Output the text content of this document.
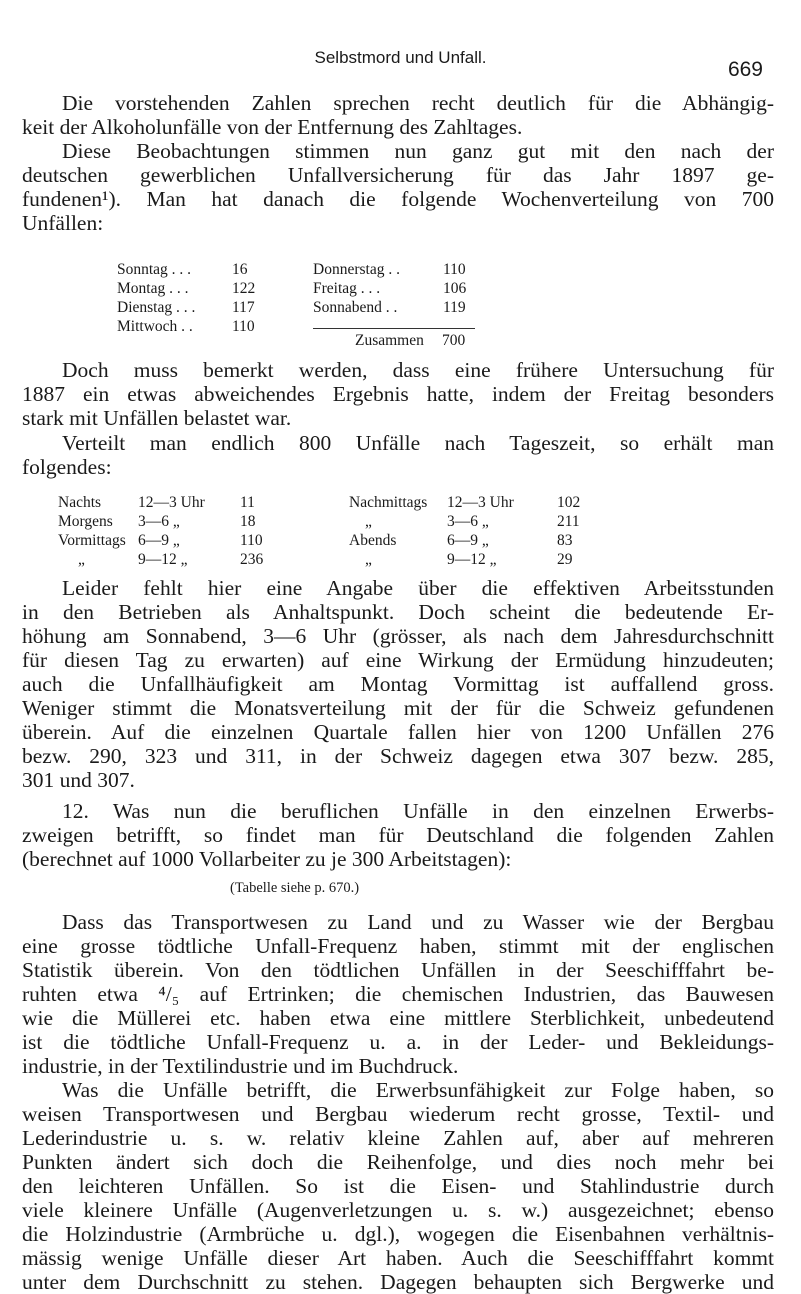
Selbstmord und Unfall.
669
Die vorstehenden Zahlen sprechen recht deutlich für die Abhängig-
keit der Alkoholunfälle von der Entfernung des Zahltages.
Diese Beobachtungen stimmen nun ganz gut mit den nach der
deutschen gewerblichen Unfallversicherung für das Jahr 1897 ge-
fundenen¹). Man hat danach die folgende Wochenverteilung von 700
Unfällen:
Sonntag . . .	16
Montag . . .	122
Dienstag . . .	117
Mittwoch . .	110
Donnerstag . .	110
Freitag . . .	106
Sonnabend . .	119
Zusammen	700
Doch muss bemerkt werden, dass eine frühere Untersuchung für
1887 ein etwas abweichendes Ergebnis hatte, indem der Freitag besonders
stark mit Unfällen belastet war.
Verteilt man endlich 800 Unfälle nach Tageszeit, so erhält man
folgendes:
Nachts	12—3 Uhr	11
Morgens	3—6 „	18
Vormittags 6—9 „	110
„	9—12 „	236
Nachmittags	12—3 Uhr	102
„	3—6 „	211
Abends	6—9 „	83
„	9—12 „	29
Leider fehlt hier eine Angabe über die effektiven Arbeitsstunden
in den Betrieben als Anhaltspunkt. Doch scheint die bedeutende Er-
höhung am Sonnabend, 3—6 Uhr (grösser, als nach dem Jahresdurchschnitt
für diesen Tag zu erwarten) auf eine Wirkung der Ermüdung hinzudeuten;
auch die Unfallhäufigkeit am Montag Vormittag ist auffallend gross.
Weniger stimmt die Monatsverteilung mit der für die Schweiz gefundenen
überein. Auf die einzelnen Quartale fallen hier von 1200 Unfällen 276
bezw. 290, 323 und 311, in der Schweiz dagegen etwa 307 bezw. 285,
301 und 307.
12. Was nun die beruflichen Unfälle in den einzelnen Erwerbs-
zweigen betrifft, so findet man für Deutschland die folgenden Zahlen
(berechnet auf 1000 Vollarbeiter zu je 300 Arbeitstagen):
(Tabelle siehe p. 670.)
Dass das Transportwesen zu Land und zu Wasser wie der Bergbau
eine grosse tödtliche Unfall-Frequenz haben, stimmt mit der englischen
Statistik überein. Von den tödtlichen Unfällen in der Seeschifffahrt be-
ruhten etwa ⁴/₅ auf Ertrinken; die chemischen Industrien, das Bauwesen
wie die Müllerei etc. haben etwa eine mittlere Sterblichkeit, unbedeutend
ist die tödtliche Unfall-Frequenz u. a. in der Leder- und Bekleidungs-
industrie, in der Textilindustrie und im Buchdruck.
Was die Unfälle betrifft, die Erwerbsunfähigkeit zur Folge haben, so
weisen Transportwesen und Bergbau wiederum recht grosse, Textil- und
Lederindustrie u. s. w. relativ kleine Zahlen auf, aber auf mehreren
Punkten ändert sich doch die Reihenfolge, und dies noch mehr bei
den leichteren Unfällen. So ist die Eisen- und Stahlindustrie durch
viele kleinere Unfälle (Augenverletzungen u. s. w.) ausgezeichnet; ebenso
die Holzindustrie (Armbrüche u. dgl.), wogegen die Eisenbahnen verhältnis-
mässig wenige Unfälle dieser Art haben. Auch die Seeschifffahrt kommt
unter dem Durchschnitt zu stehen. Dagegen behaupten sich Bergwerke und
